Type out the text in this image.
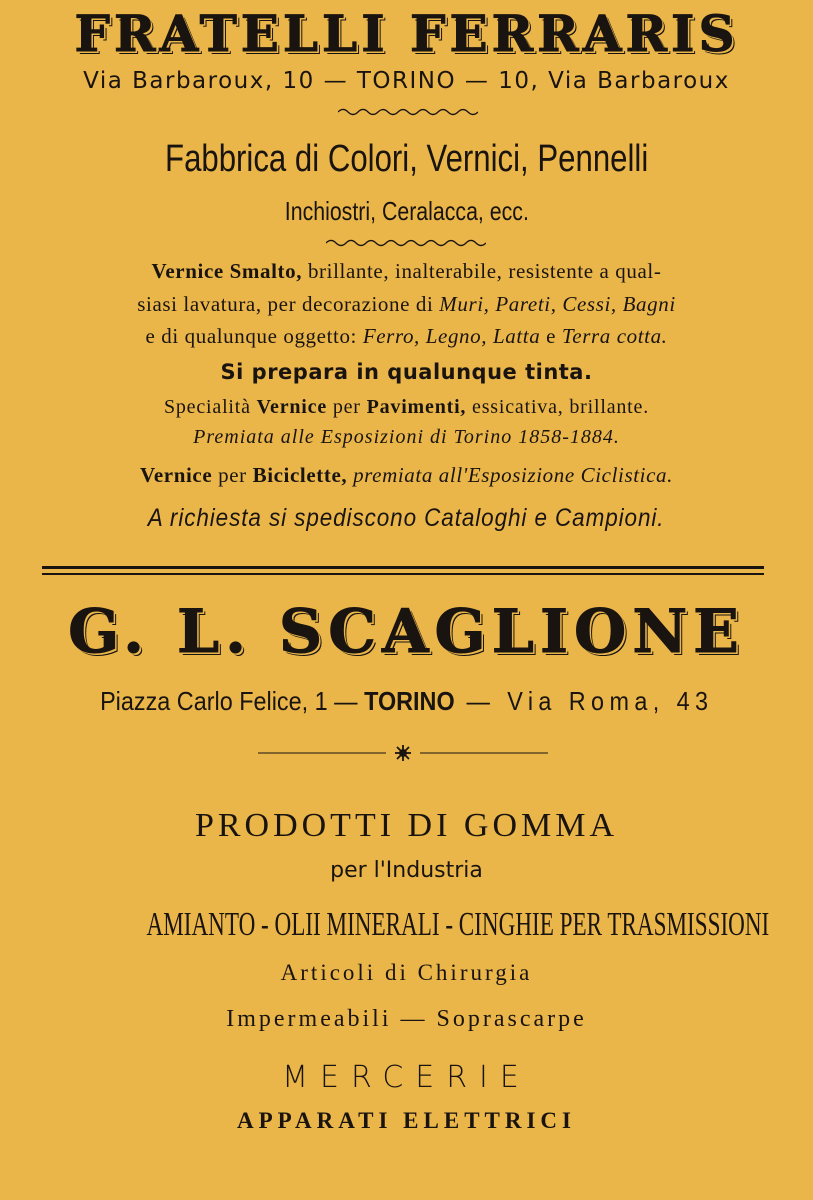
FRATELLI FERRARIS
Via Barbaroux, 10 — TORINO — 10, Via Barbaroux
Fabbrica di Colori, Vernici, Pennelli
Inchiostri, Ceralacca, ecc.
Vernice Smalto, brillante, inalterabile, resistente a qual-
siasi lavatura, per decorazione di Muri, Pareti, Cessi, Bagni
e di qualunque oggetto: Ferro, Legno, Latta e Terra cotta.
Si prepara in qualunque tinta.
Specialità Vernice per Pavimenti, essicativa, brillante.
Premiata alle Esposizioni di Torino 1858-1884.
Vernice per Biciclette, premiata all'Esposizione Ciclistica.
A richiesta si spediscono Cataloghi e Campioni.
G. L. SCAGLIONE
Piazza Carlo Felice, 1 — TORINO — Via Roma, 43
PRODOTTI DI GOMMA
per l'Industria
AMIANTO - OLII MINERALI - CINGHIE PER TRASMISSIONI
Articoli di Chirurgia
Impermeabili — Soprascarpe
MERCERIE
APPARATI ELETTRICI
